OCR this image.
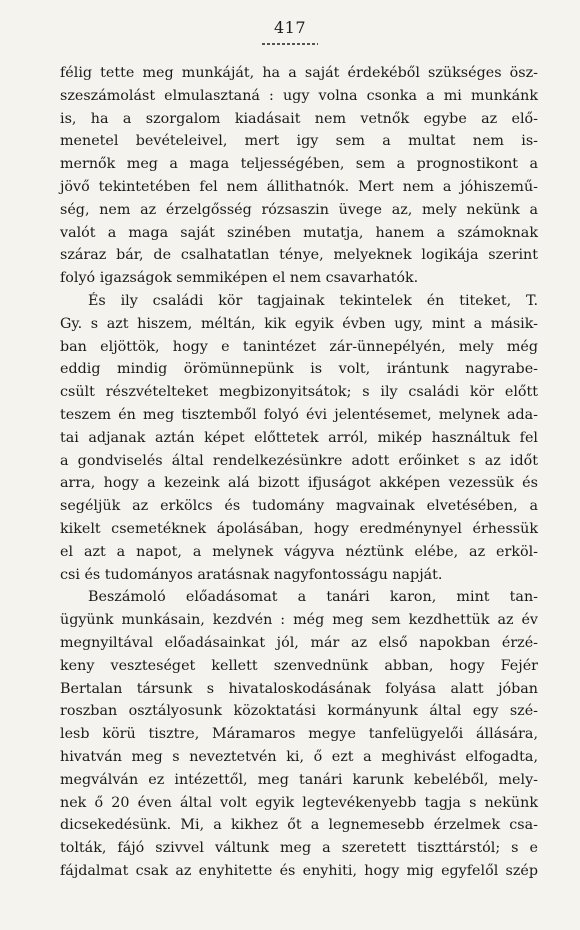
417
félig tette meg munkáját, ha a saját érdekéből szükséges ösz-
szeszámolást elmulasztaná : ugy volna csonka a mi munkánk
is, ha a szorgalom kiadásait nem vetnők egybe az elő-
menetel bevételeivel, mert igy sem a multat nem is-
mernők meg a maga teljességében, sem a prognostikont a
jövő tekintetében fel nem állithatnók. Mert nem a jóhiszemű-
ség, nem az érzelgősség rózsaszin üvege az, mely nekünk a
valót a maga saját szinében mutatja, hanem a számoknak
száraz bár, de csalhatatlan ténye, melyeknek logikája szerint
folyó igazságok semmiképen el nem csavarhatók.
És ily családi kör tagjainak tekintelek én titeket, T.
Gy. s azt hiszem, méltán, kik egyik évben ugy, mint a másik-
ban eljöttök, hogy e tanintézet zár-ünnepélyén, mely még
eddig mindig örömünnepünk is volt, irántunk nagyrabe-
csült részvételteket megbizonyitsátok; s ily családi kör előtt
teszem én meg tisztemből folyó évi jelentésemet, melynek ada-
tai adjanak aztán képet előttetek arról, mikép használtuk fel
a gondviselés által rendelkezésünkre adott erőinket s az időt
arra, hogy a kezeink alá bizott ifjuságot akképen vezessük és
segéljük az erkölcs és tudomány magvainak elvetésében, a
kikelt csemetéknek ápolásában, hogy eredménynyel érhessük
el azt a napot, a melynek vágyva néztünk elébe, az erköl-
csi és tudományos aratásnak nagyfontosságu napját.
Beszámoló előadásomat a tanári karon, mint tan-
ügyünk munkásain, kezdvén : még meg sem kezdhettük az év
megnyiltával előadásainkat jól, már az első napokban érzé-
keny veszteséget kellett szenvednünk abban, hogy Fejér
Bertalan társunk s hivataloskodásának folyása alatt jóban
roszban osztályosunk közoktatási kormányunk által egy szé-
lesb körü tisztre, Máramaros megye tanfelügyelői állására,
hivatván meg s neveztetvén ki, ő ezt a meghivást elfogadta,
megválván ez intézettől, meg tanári karunk kebeléből, mely-
nek ő 20 éven által volt egyik legtevékenyebb tagja s nekünk
dicsekedésünk. Mi, a kikhez őt a legnemesebb érzelmek csa-
tolták, fájó szivvel váltunk meg a szeretett tiszttárstól; s e
fájdalmat csak az enyhitette és enyhiti, hogy mig egyfelől szép
